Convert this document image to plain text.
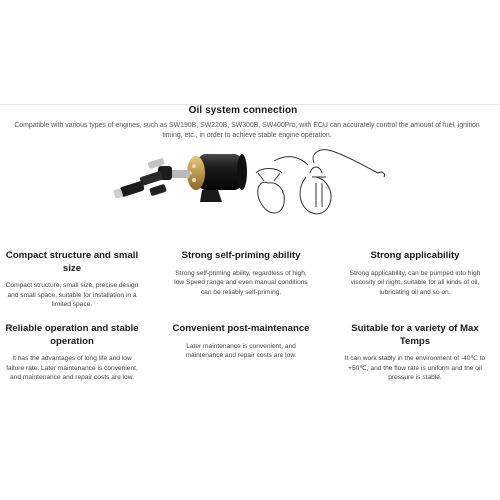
Oil system connection
Compatible with various types of engines, such as SW190B, SW220B, SW300B, SW400Pro, with ECU can accurately control the amount of fuel, ignition timing, etc., in order to achieve stable engine operation.
Compact structure and small size
Compact structure, small size, precise design and small space, suitable for installation in a limited space.
Strong self-priming ability
Strong self-priming ability, regardless of high, low Speed range and even manual conditions can be reliably self-priming.
Strong applicability
Strong applicability, can be pumped into high viscosity oil night, suitable for all kinds of oil, lubricating oil and so on.
Reliable operation and stable operation
It has the advantages of long life and low failure rate. Later maintenance is convenient, and maintenance and repair costs are low.
Convenient post-maintenance
Later maintenance is convenient, and maintenance and repair costs are low.
Suitable for a variety of Max Temps
It can work stably in the environment of -40℃ to +50℃, and the flow rate is uniform and the oil pressure is stable.
